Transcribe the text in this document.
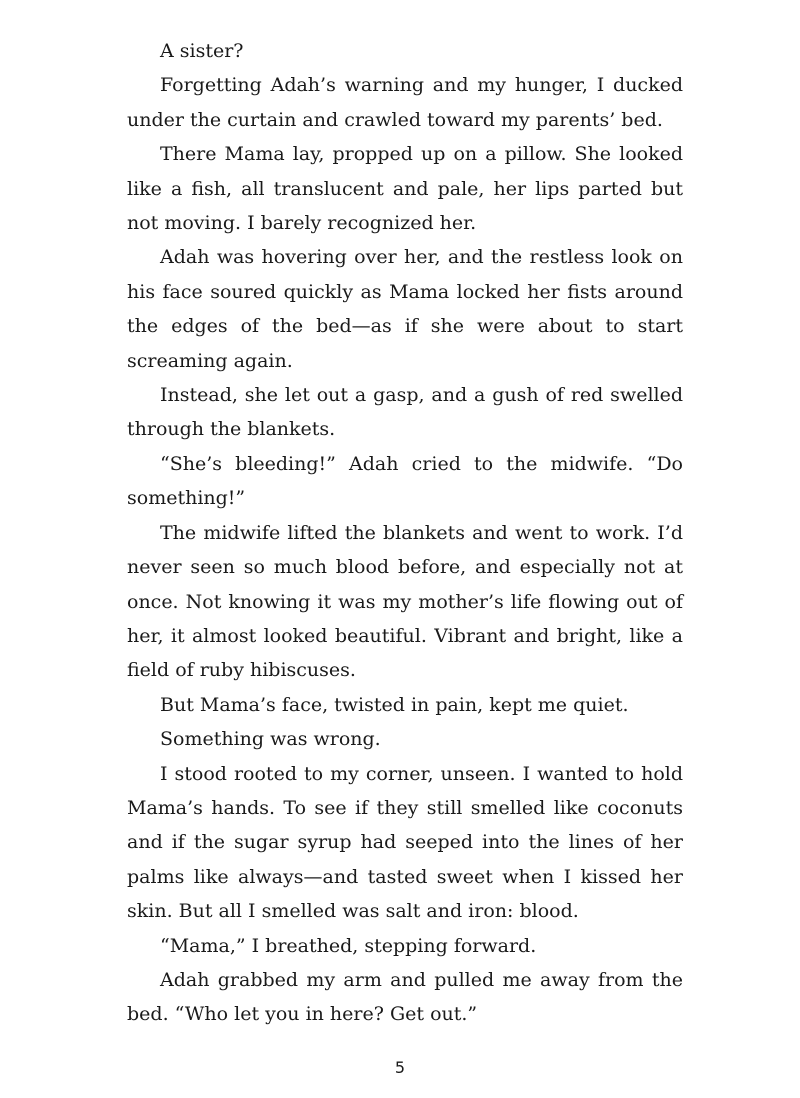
A sister?

Forgetting Adah’s warning and my hunger, I ducked under the curtain and crawled toward my parents’ bed.

There Mama lay, propped up on a pillow. She looked like a fish, all translucent and pale, her lips parted but not moving. I barely recognized her.

Adah was hovering over her, and the restless look on his face soured quickly as Mama locked her fists around the edges of the bed—as if she were about to start screaming again.

Instead, she let out a gasp, and a gush of red swelled through the blankets.

“She’s bleeding!” Adah cried to the midwife. “Do something!”

The midwife lifted the blankets and went to work. I’d never seen so much blood before, and especially not at once. Not knowing it was my mother’s life flowing out of her, it almost looked beautiful. Vibrant and bright, like a field of ruby hibiscuses.

But Mama’s face, twisted in pain, kept me quiet.

Something was wrong.

I stood rooted to my corner, unseen. I wanted to hold Mama’s hands. To see if they still smelled like coconuts and if the sugar syrup had seeped into the lines of her palms like always—and tasted sweet when I kissed her skin. But all I smelled was salt and iron: blood.

“Mama,” I breathed, stepping forward.

Adah grabbed my arm and pulled me away from the bed. “Who let you in here? Get out.”

5
